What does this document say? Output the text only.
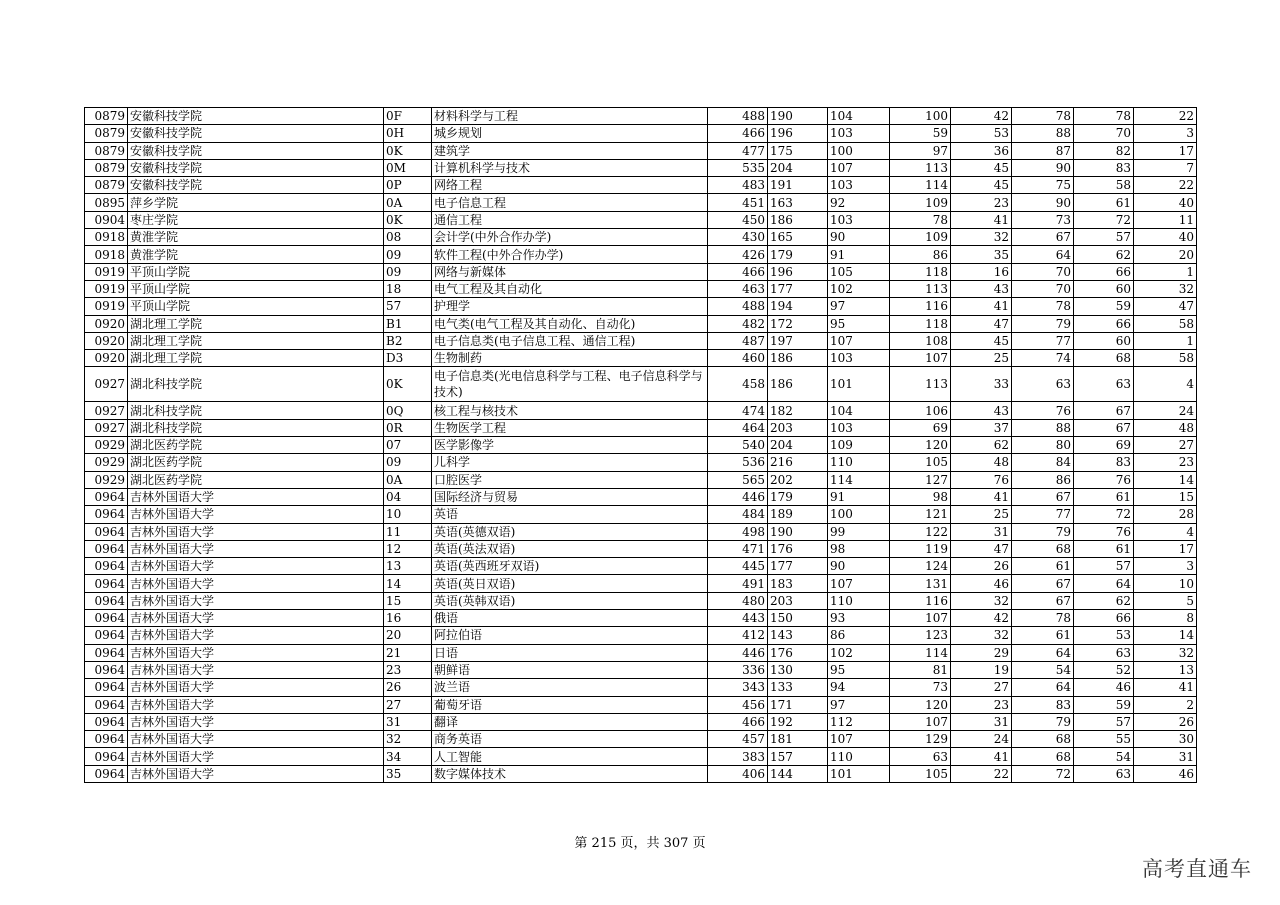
0879	安徽科技学院	0F	材料科学与工程	488	190	104	100	42	78	78	22
0879	安徽科技学院	0H	城乡规划	466	196	103	59	53	88	70	3
0879	安徽科技学院	0K	建筑学	477	175	100	97	36	87	82	17
0879	安徽科技学院	0M	计算机科学与技术	535	204	107	113	45	90	83	7
0879	安徽科技学院	0P	网络工程	483	191	103	114	45	75	58	22
0895	萍乡学院	0A	电子信息工程	451	163	92	109	23	90	61	40
0904	枣庄学院	0K	通信工程	450	186	103	78	41	73	72	11
0918	黄淮学院	08	会计学(中外合作办学)	430	165	90	109	32	67	57	40
0918	黄淮学院	09	软件工程(中外合作办学)	426	179	91	86	35	64	62	20
0919	平顶山学院	09	网络与新媒体	466	196	105	118	16	70	66	1
0919	平顶山学院	18	电气工程及其自动化	463	177	102	113	43	70	60	32
0919	平顶山学院	57	护理学	488	194	97	116	41	78	59	47
0920	湖北理工学院	B1	电气类(电气工程及其自动化、自动化)	482	172	95	118	47	79	66	58
0920	湖北理工学院	B2	电子信息类(电子信息工程、通信工程)	487	197	107	108	45	77	60	1
0920	湖北理工学院	D3	生物制药	460	186	103	107	25	74	68	58
0927	湖北科技学院	0K	电子信息类(光电信息科学与工程、电子信息科学与技术)	458	186	101	113	33	63	63	4
0927	湖北科技学院	0Q	核工程与核技术	474	182	104	106	43	76	67	24
0927	湖北科技学院	0R	生物医学工程	464	203	103	69	37	88	67	48
0929	湖北医药学院	07	医学影像学	540	204	109	120	62	80	69	27
0929	湖北医药学院	09	儿科学	536	216	110	105	48	84	83	23
0929	湖北医药学院	0A	口腔医学	565	202	114	127	76	86	76	14
0964	吉林外国语大学	04	国际经济与贸易	446	179	91	98	41	67	61	15
0964	吉林外国语大学	10	英语	484	189	100	121	25	77	72	28
0964	吉林外国语大学	11	英语(英德双语)	498	190	99	122	31	79	76	4
0964	吉林外国语大学	12	英语(英法双语)	471	176	98	119	47	68	61	17
0964	吉林外国语大学	13	英语(英西班牙双语)	445	177	90	124	26	61	57	3
0964	吉林外国语大学	14	英语(英日双语)	491	183	107	131	46	67	64	10
0964	吉林外国语大学	15	英语(英韩双语)	480	203	110	116	32	67	62	5
0964	吉林外国语大学	16	俄语	443	150	93	107	42	78	66	8
0964	吉林外国语大学	20	阿拉伯语	412	143	86	123	32	61	53	14
0964	吉林外国语大学	21	日语	446	176	102	114	29	64	63	32
0964	吉林外国语大学	23	朝鲜语	336	130	95	81	19	54	52	13
0964	吉林外国语大学	26	波兰语	343	133	94	73	27	64	46	41
0964	吉林外国语大学	27	葡萄牙语	456	171	97	120	23	83	59	2
0964	吉林外国语大学	31	翻译	466	192	112	107	31	79	57	26
0964	吉林外国语大学	32	商务英语	457	181	107	129	24	68	55	30
0964	吉林外国语大学	34	人工智能	383	157	110	63	41	68	54	31
0964	吉林外国语大学	35	数字媒体技术	406	144	101	105	22	72	63	46
第 215 页，共 307 页
高考直通车
